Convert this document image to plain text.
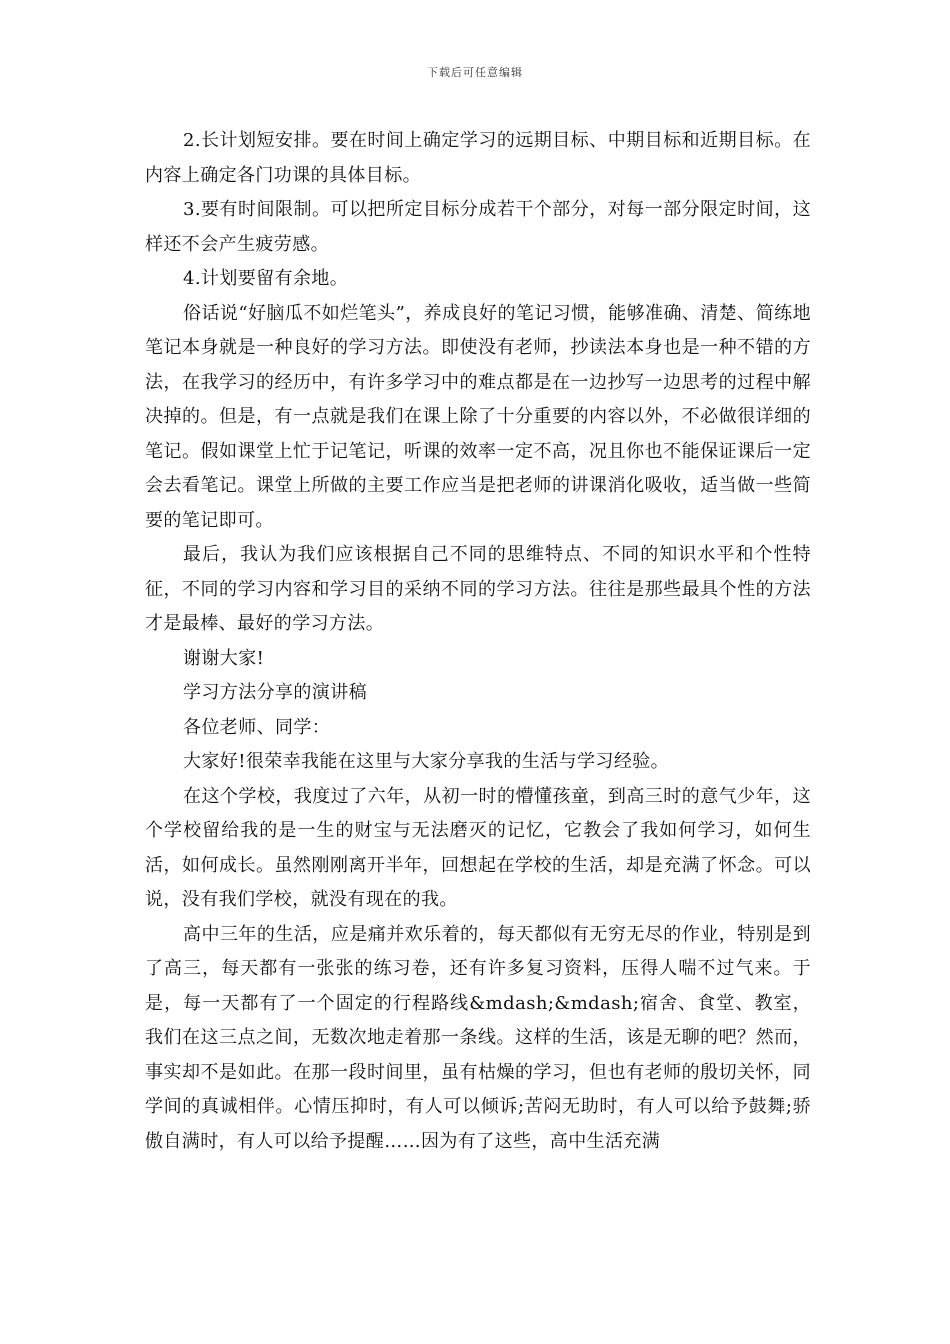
下载后可任意编辑

2.长计划短安排。要在时间上确定学习的远期目标、中期目标和近期目标。在内容上确定各门功课的具体目标。

3.要有时间限制。可以把所定目标分成若干个部分，对每一部分限定时间，这样还不会产生疲劳感。

4.计划要留有余地。

俗话说“好脑瓜不如烂笔头”，养成良好的笔记习惯，能够准确、清楚、简练地笔记本身就是一种良好的学习方法。即使没有老师，抄读法本身也是一种不错的方法，在我学习的经历中，有许多学习中的难点都是在一边抄写一边思考的过程中解决掉的。但是，有一点就是我们在课上除了十分重要的内容以外，不必做很详细的笔记。假如课堂上忙于记笔记，听课的效率一定不高，况且你也不能保证课后一定会去看笔记。课堂上所做的主要工作应当是把老师的讲课消化吸收，适当做一些简要的笔记即可。

最后，我认为我们应该根据自己不同的思维特点、不同的知识水平和个性特征，不同的学习内容和学习目的采纳不同的学习方法。往往是那些最具个性的方法才是最棒、最好的学习方法。

谢谢大家!

学习方法分享的演讲稿

各位老师、同学：

大家好!很荣幸我能在这里与大家分享我的生活与学习经验。

在这个学校，我度过了六年，从初一时的懵懂孩童，到高三时的意气少年，这个学校留给我的是一生的财宝与无法磨灭的记忆，它教会了我如何学习，如何生活，如何成长。虽然刚刚离开半年，回想起在学校的生活，却是充满了怀念。可以说，没有我们学校，就没有现在的我。

高中三年的生活，应是痛并欢乐着的，每天都似有无穷无尽的作业，特别是到了高三，每天都有一张张的练习卷，还有许多复习资料，压得人喘不过气来。于是，每一天都有了一个固定的行程路线&mdash;&mdash;宿舍、食堂、教室，我们在这三点之间，无数次地走着那一条线。这样的生活，该是无聊的吧？然而，事实却不是如此。在那一段时间里，虽有枯燥的学习，但也有老师的殷切关怀，同学间的真诚相伴。心情压抑时，有人可以倾诉;苦闷无助时，有人可以给予鼓舞;骄傲自满时，有人可以给予提醒……因为有了这些，高中生活充满
